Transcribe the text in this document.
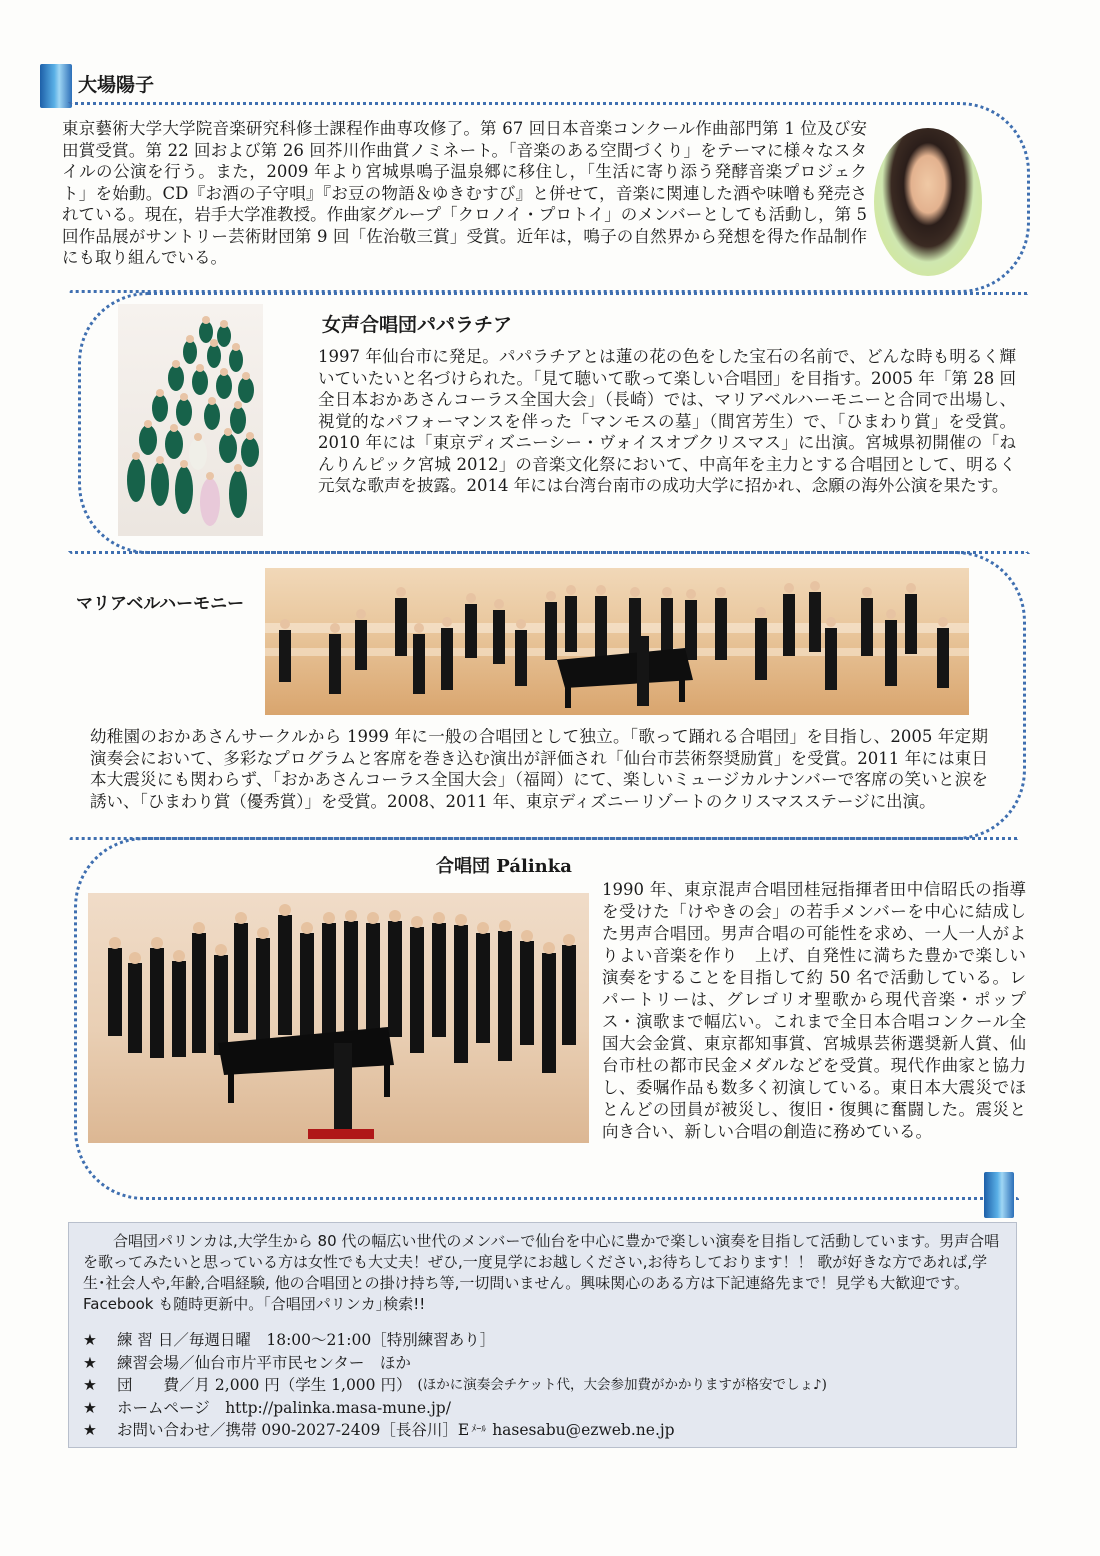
大場陽子
東京藝術大学大学院音楽研究科修士課程作曲専攻修了。第 67 回日本音楽コンクール作曲部門第 1 位及び安田賞受賞。第 22 回および第 26 回芥川作曲賞ノミネート。「音楽のある空間づくり」をテーマに様々なスタイルの公演を行う。また，2009 年より宮城県鳴子温泉郷に移住し，「生活に寄り添う発酵音楽プロジェクト」を始動。CD『お酒の子守唄』『お豆の物語＆ゆきむすび』と併せて，音楽に関連した酒や味噌も発売されている。現在，岩手大学准教授。作曲家グループ「クロノイ・プロトイ」のメンバーとしても活動し，第 5 回作品展がサントリー芸術財団第 9 回「佐治敬三賞」受賞。近年は，鳴子の自然界から発想を得た作品制作にも取り組んでいる。
女声合唱団パパラチア
1997 年仙台市に発足。パパラチアとは蓮の花の色をした宝石の名前で、どんな時も明るく輝いていたいと名づけられた。「見て聴いて歌って楽しい合唱団」を目指す。2005 年「第 28 回全日本おかあさんコーラス全国大会」（長崎）では、マリアベルハーモニーと合同で出場し、視覚的なパフォーマンスを伴った「マンモスの墓」（間宮芳生）で、「ひまわり賞」を受賞。2010 年には「東京ディズニーシー・ヴォイスオブクリスマス」に出演。宮城県初開催の「ねんりんピック宮城 2012」の音楽文化祭において、中高年を主力とする合唱団として、明るく元気な歌声を披露。2014 年には台湾台南市の成功大学に招かれ、念願の海外公演を果たす。
マリアベルハーモニー
幼稚園のおかあさんサークルから 1999 年に一般の合唱団として独立。「歌って踊れる合唱団」を目指し、2005 年定期演奏会において、多彩なプログラムと客席を巻き込む演出が評価され「仙台市芸術祭奨励賞」を受賞。2011 年には東日本大震災にも関わらず、「おかあさんコーラス全国大会」（福岡）にて、楽しいミュージカルナンバーで客席の笑いと涙を誘い、「ひまわり賞（優秀賞）」を受賞。2008、2011 年、東京ディズニーリゾートのクリスマスステージに出演。
合唱団 Pálinka
1990 年、東京混声合唱団桂冠指揮者田中信昭氏の指導を受けた「けやきの会」の若手メンバーを中心に結成した男声合唱団。男声合唱の可能性を求め、一人一人がよりよい音楽を作り　上げ、自発性に満ちた豊かで楽しい演奏をすることを目指して約 50 名で活動している。レパートリーは、グレゴリオ聖歌から現代音楽・ポップス・演歌まで幅広い。これまで全日本合唱コンクール全国大会金賞、東京都知事賞、宮城県芸術選奨新人賞、仙台市杜の都市民金メダルなどを受賞。現代作曲家と協力し、委嘱作品も数多く初演している。東日本大震災でほとんどの団員が被災し、復旧・復興に奮闘した。震災と向き合い、新しい合唱の創造に務めている。
合唱団パリンカは,大学生から 80 代の幅広い世代のメンバーで仙台を中心に豊かで楽しい演奏を目指して活動しています。男声合唱を歌ってみたいと思っている方は女性でも大丈夫！ぜひ,一度見学にお越しください,お待ちしております！！ 歌が好きな方であれば,学生･社会人や,年齢,合唱経験, 他の合唱団との掛け持ち等,一切問いません。興味関心のある方は下記連絡先まで！見学も大歓迎です。Facebook も随時更新中。｢合唱団パリンカ｣検索!!
★	練 習 日／毎週日曜　18:00〜21:00［特別練習あり］
★	練習会場／仙台市片平市民センター　ほか
★	団　　費／月 2,000 円（学生 1,000 円） (ほかに演奏会チケット代，大会参加費がかかりますが格安でしょ♪)
★	ホームページ　http://palinka.masa-mune.jp/
★	お問い合わせ／携帯 090-2027-2409［長谷川］E ﾒｰﾙ hasesabu@ezweb.ne.jp
